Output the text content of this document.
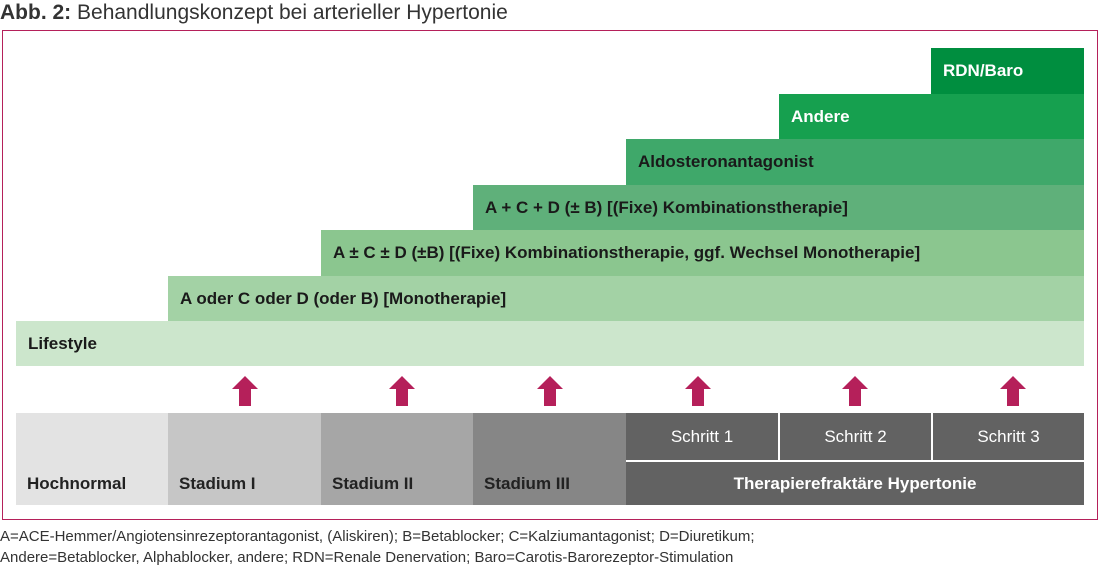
Abb. 2: Behandlungskonzept bei arterieller Hypertonie
Lifestyle
A oder C oder D (oder B) [Monotherapie]
A ± C ± D (±B) [(Fixe) Kombinationstherapie, ggf. Wechsel Monotherapie]
A + C + D (± B) [(Fixe) Kombinationstherapie]
Aldosteronantagonist
Andere
RDN/Baro
Hochnormal	Stadium I	Stadium II	Stadium III
Schritt 1	Schritt 2	Schritt 3
Therapierefraktäre Hypertonie
A=ACE-Hemmer/Angiotensinrezeptorantagonist, (Aliskiren); B=Betablocker; C=Kalziumantagonist; D=Diuretikum;
Andere=Betablocker, Alphablocker, andere; RDN=Renale Denervation; Baro=Carotis-Barorezeptor-Stimulation
